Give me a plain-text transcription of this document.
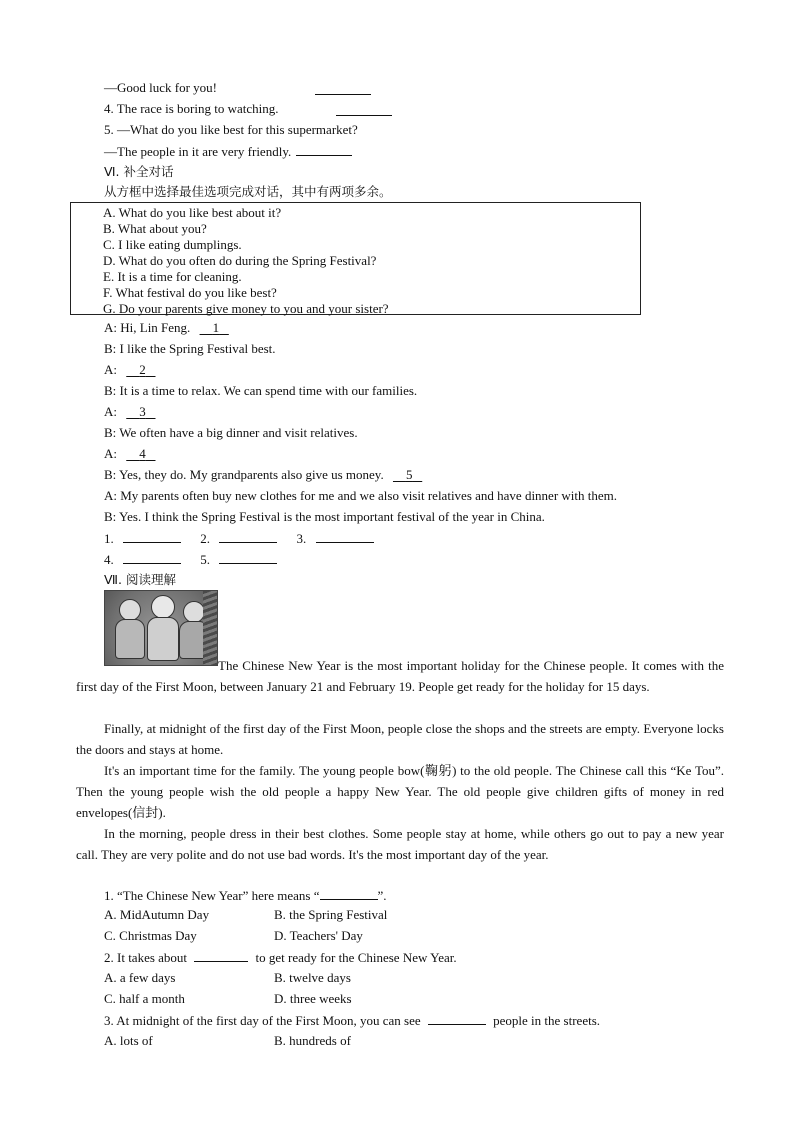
—Good luck for you!
4. The race is boring to watching.
5. —What do you like best for this supermarket?
—The people in it are very friendly.
Ⅵ. 补全对话
从方框中选择最佳选项完成对话，其中有两项多余。
A. What do you like best about it?
B. What about you?
C. I like eating dumplings.
D. What do you often do during the Spring Festival?
E. It is a time for cleaning.
F. What festival do you like best?
G. Do your parents give money to you and your sister?
A: Hi, Lin Feng. 1
B: I like the Spring Festival best.
A: 2
B: It is a time to relax. We can spend time with our families.
A: 3
B: We often have a big dinner and visit relatives.
A: 4
B: Yes, they do. My grandparents also give us money. 5
A: My parents often buy new clothes for me and we also visit relatives and have dinner with them.
B: Yes. I think the Spring Festival is the most important festival of the year in China.
1.	2.	3.
4.	5.
Ⅶ. 阅读理解
The Chinese New Year is the most important holiday for the Chinese people. It comes with the first day of the First Moon, between January 21 and February 19. People get ready for the holiday for 15 days.
Finally, at midnight of the first day of the First Moon, people close the shops and the streets are empty. Everyone locks the doors and stays at home.
It's an important time for the family. The young people bow(鞠躬) to the old people. The Chinese call this “Ke Tou”. Then the young people wish the old people a happy New Year. The old people give children gifts of money in red envelopes(信封).
In the morning, people dress in their best clothes. Some people stay at home, while others go out to pay a new year call. They are very polite and do not use bad words. It's the most important day of the year.
1. “The Chinese New Year” here means “	”.
A. MidAutumn Day	B. the Spring Festival
C. Christmas Day	D. Teachers' Day
2. It takes about	to get ready for the Chinese New Year.
A. a few days	B. twelve days
C. half a month	D. three weeks
3. At midnight of the first day of the First Moon, you can see	people in the streets.
A. lots of	B. hundreds of
